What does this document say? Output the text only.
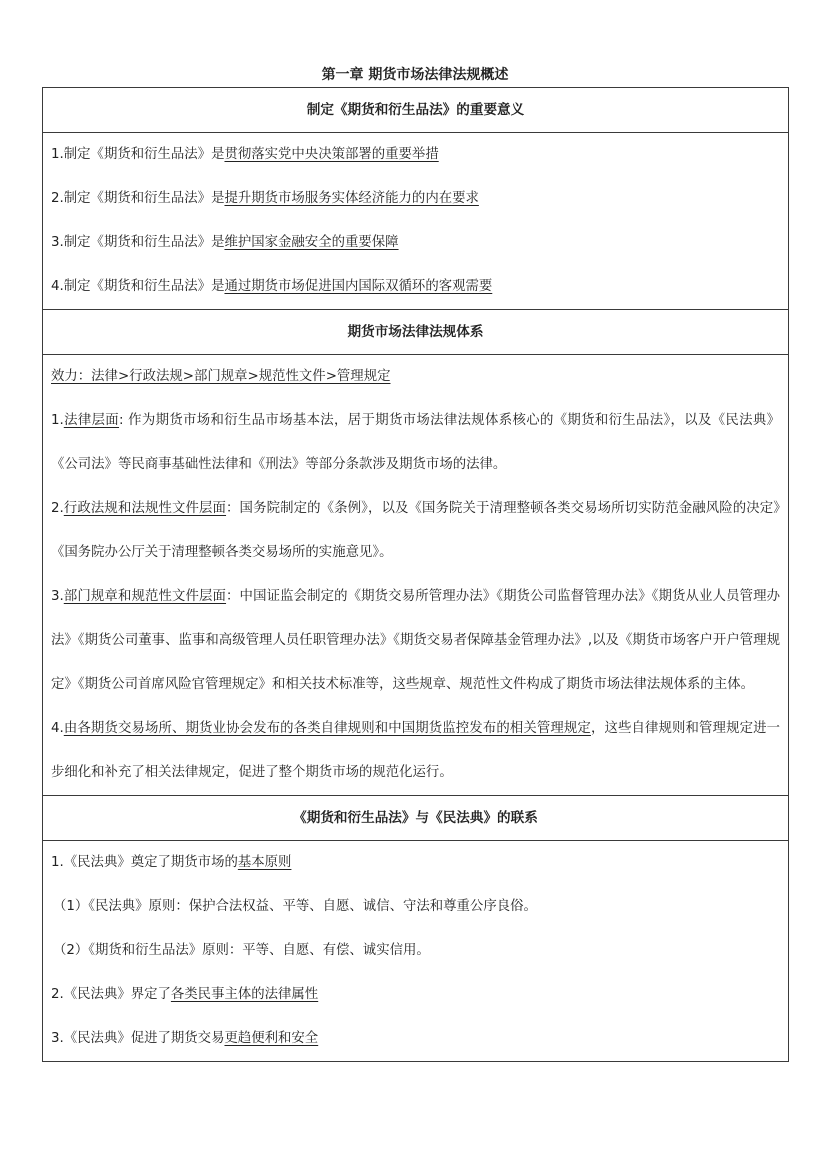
第一章 期货市场法律法规概述
制定《期货和衍生品法》的重要意义
1.制定《期货和衍生品法》是贯彻落实党中央决策部署的重要举措
2.制定《期货和衍生品法》是提升期货市场服务实体经济能力的内在要求
3.制定《期货和衍生品法》是维护国家金融安全的重要保障
4.制定《期货和衍生品法》是通过期货市场促进国内国际双循环的客观需要
期货市场法律法规体系
效力：法律>行政法规>部门规章>规范性文件>管理规定
1.法律层面: 作为期货市场和衍生品市场基本法，居于期货市场法律法规体系核心的《期货和衍生品法》，以及《民法典》《公司法》等民商事基础性法律和《刑法》等部分条款涉及期货市场的法律。
2.行政法规和法规性文件层面：国务院制定的《条例》，以及《国务院关于清理整顿各类交易场所切实防范金融风险的决定》《国务院办公厅关于清理整顿各类交易场所的实施意见》。
3.部门规章和规范性文件层面：中国证监会制定的《期货交易所管理办法》《期货公司监督管理办法》《期货从业人员管理办法》《期货公司董事、监事和高级管理人员任职管理办法》《期货交易者保障基金管理办法》,以及《期货市场客户开户管理规定》《期货公司首席风险官管理规定》和相关技术标准等，这些规章、规范性文件构成了期货市场法律法规体系的主体。
4.由各期货交易场所、期货业协会发布的各类自律规则和中国期货监控发布的相关管理规定，这些自律规则和管理规定进一步细化和补充了相关法律规定，促进了整个期货市场的规范化运行。
《期货和衍生品法》与《民法典》的联系
1.《民法典》奠定了期货市场的基本原则
（1）《民法典》原则：保护合法权益、平等、自愿、诚信、守法和尊重公序良俗。
（2）《期货和衍生品法》原则：平等、自愿、有偿、诚实信用。
2.《民法典》界定了各类民事主体的法律属性
3.《民法典》促进了期货交易更趋便利和安全
